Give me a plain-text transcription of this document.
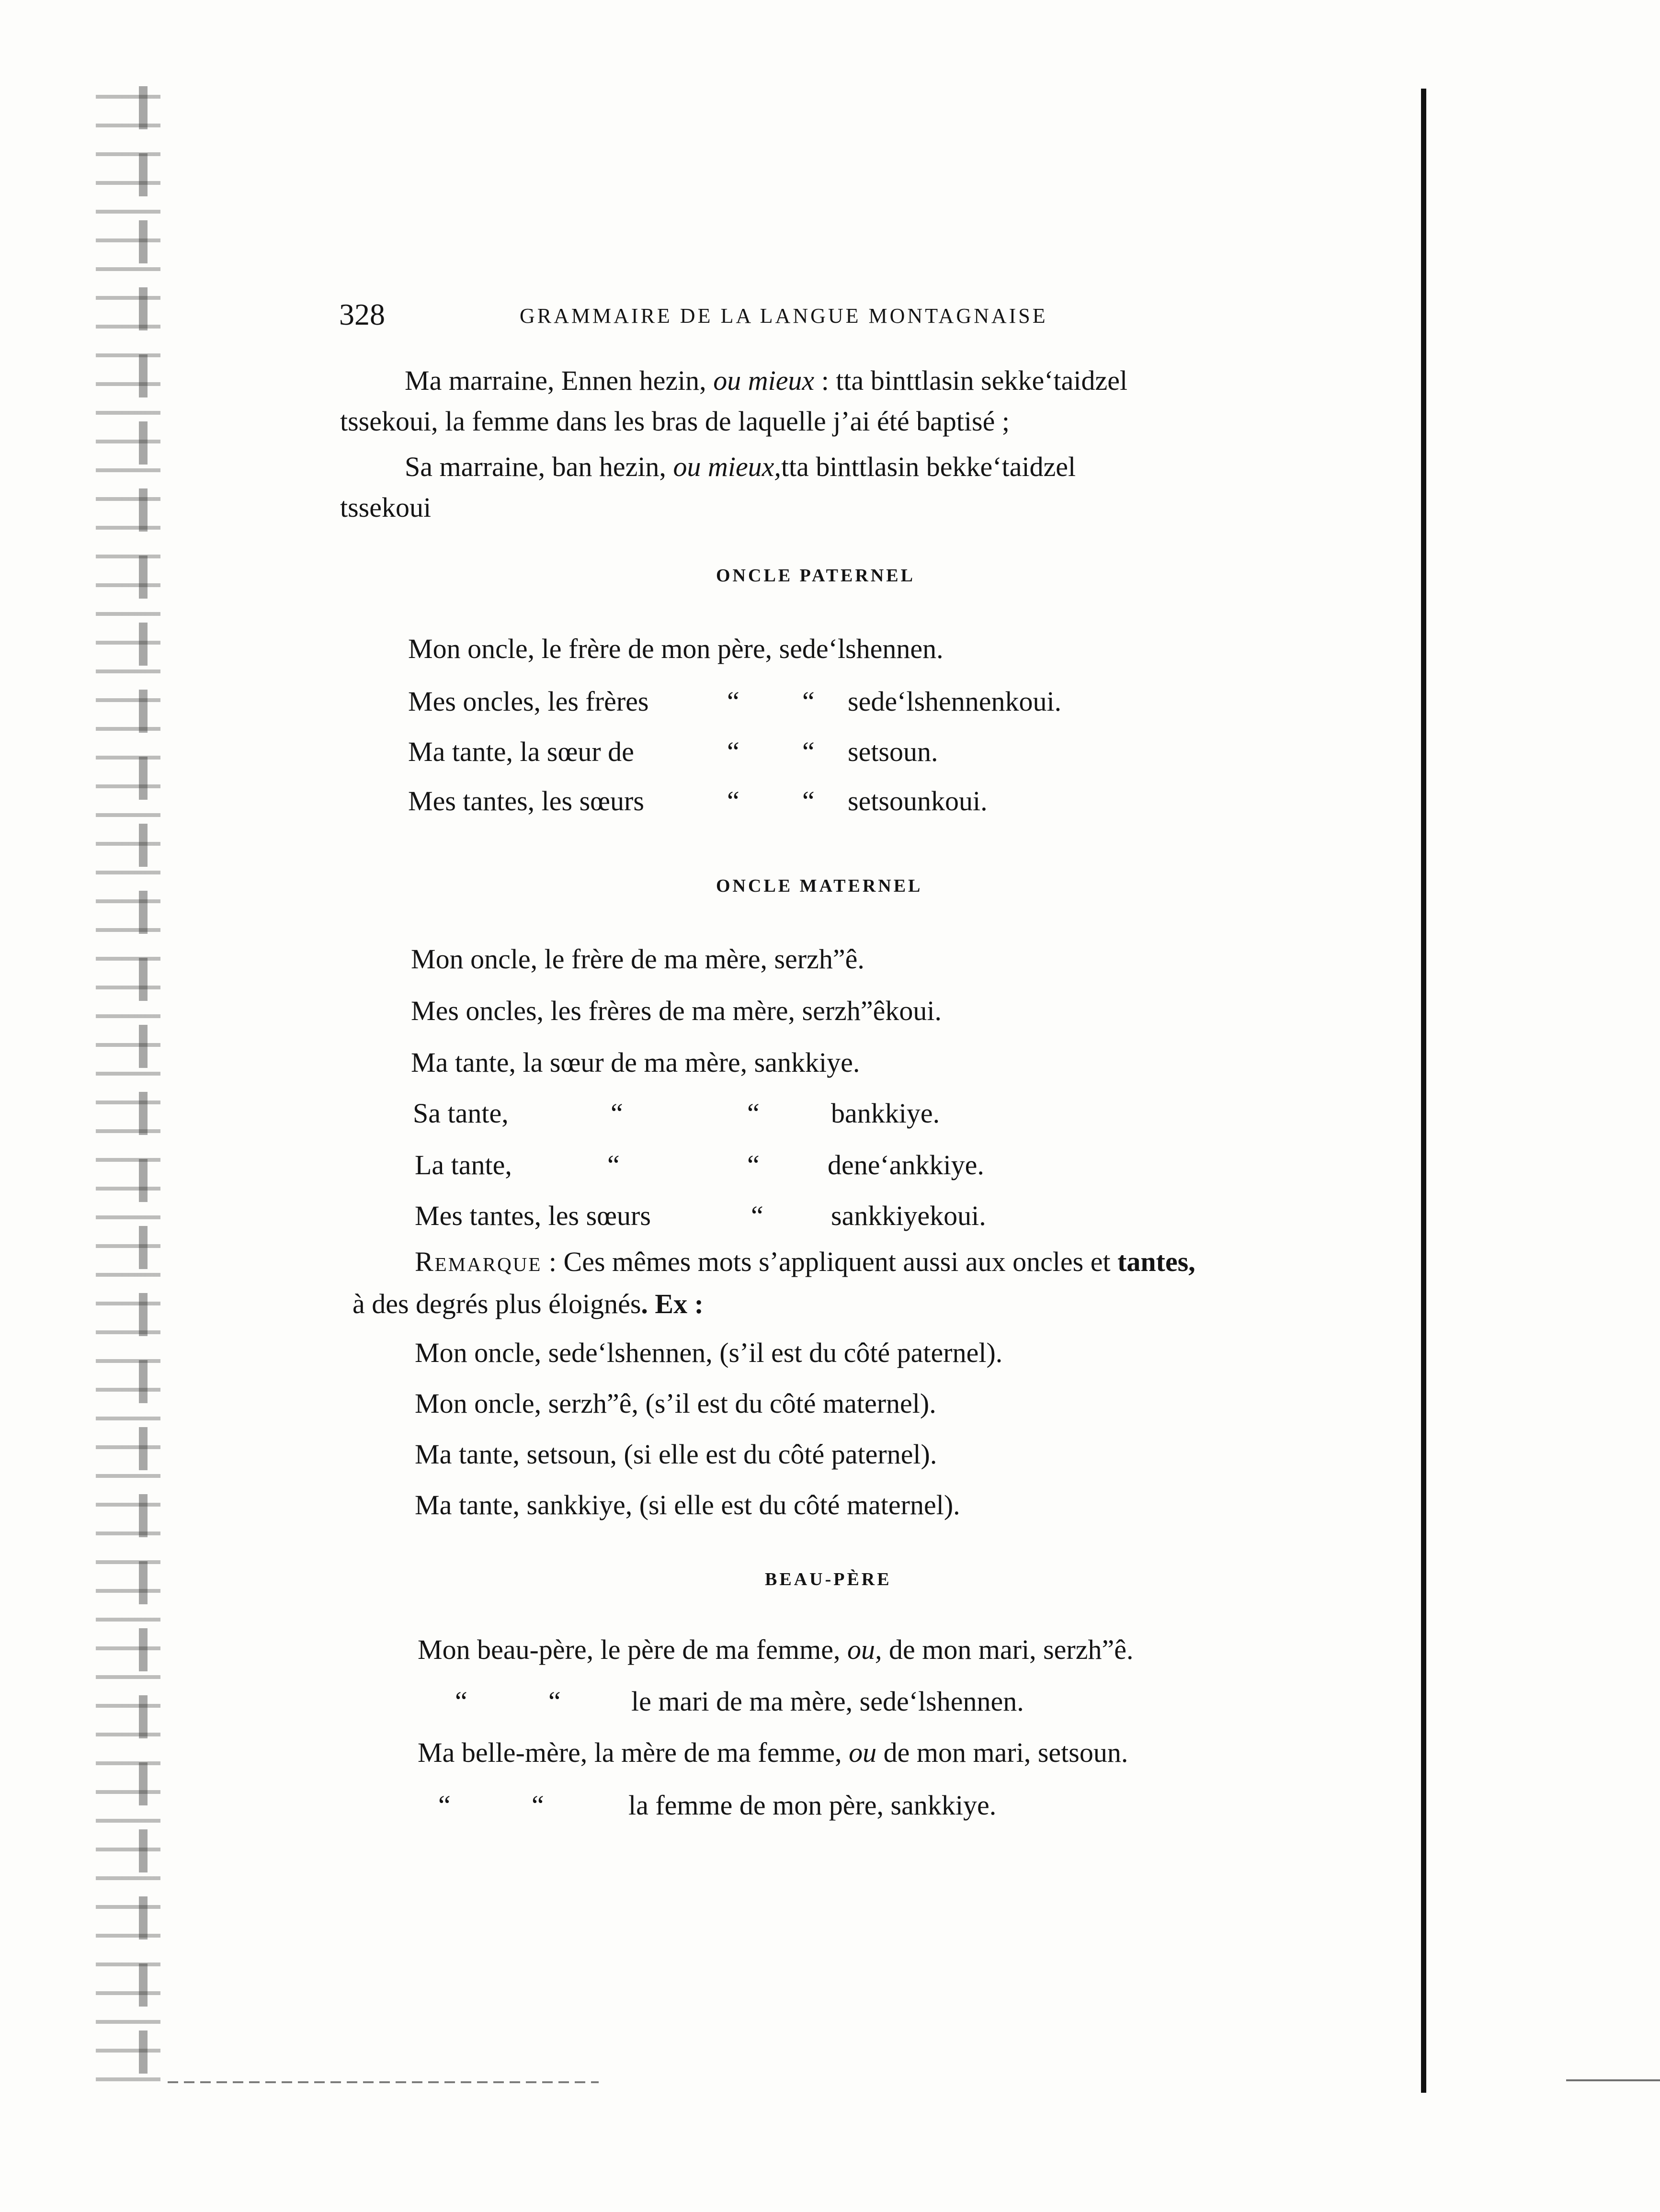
328	GRAMMAIRE DE LA LANGUE MONTAGNAISE
Ma marraine, Ennen hezin, ou mieux : tta binttlasin sekke‘taidzel
tssekoui, la femme dans les bras de laquelle j’ai été baptisé ;
Sa marraine, ban hezin, ou mieux,tta binttlasin bekke‘taidzel
tssekoui
ONCLE PATERNEL
Mon oncle, le frère de mon père, sede‘lshennen.
Mes oncles, les frères	“ “ sede‘lshennenkoui.
Ma tante, la sœur de	“ “ setsoun.
Mes tantes, les sœurs	“ “ setsounkoui.
ONCLE MATERNEL
Mon oncle, le frère de ma mère, serzh”ê.
Mes oncles, les frères de ma mère, serzh”êkoui.
Ma tante, la sœur de ma mère, sankkiye.
Sa tante,	“	“	bankkiye.
La tante,	“	“ dene‘ankkiye.
Mes tantes, les sœurs	“ sankkiyekoui.
Remarque : Ces mêmes mots s’appliquent aussi aux oncles et tantes,
à des degrés plus éloignés. Ex :
Mon oncle, sede‘lshennen, (s’il est du côté paternel).
Mon oncle, serzh”ê, (s’il est du côté maternel).
Ma tante, setsoun, (si elle est du côté paternel).
Ma tante, sankkiye, (si elle est du côté maternel).
BEAU-PÈRE
Mon beau-père, le père de ma femme, ou, de mon mari, serzh”ê.
“	“	le mari de ma mère, sede‘lshennen.
Ma belle-mère, la mère de ma femme, ou de mon mari, setsoun.
“	“	la femme de mon père, sankkiye.
